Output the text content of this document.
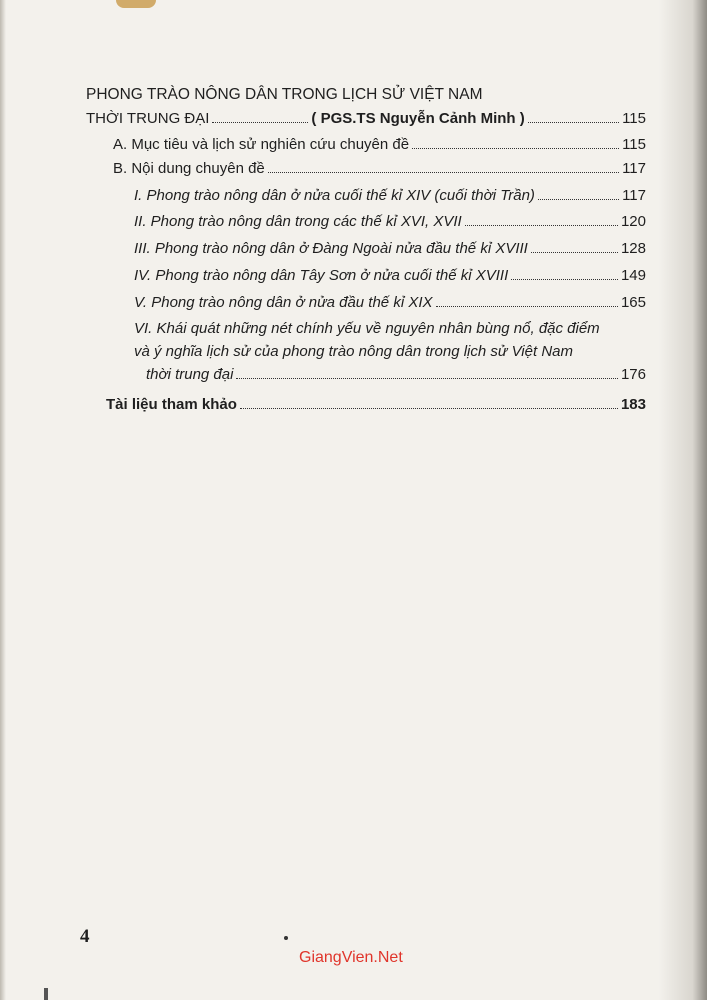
PHONG TRÀO NÔNG DÂN TRONG LỊCH SỬ VIỆT NAM
THỜI TRUNG ĐẠI	( PGS.TS Nguyễn Cảnh Minh )	115
A. Mục tiêu và lịch sử nghiên cứu chuyên đề	115
B. Nội dung chuyên đề	117
I. Phong trào nông dân ở nửa cuối thế kỉ XIV (cuối thời Trần)	117
II. Phong trào nông dân trong các thế kỉ XVI, XVII	120
III. Phong trào nông dân ở Đàng Ngoài nửa đầu thế kỉ XVIII	128
IV. Phong trào nông dân Tây Sơn ở nửa cuối thế kỉ XVIII	149
V. Phong trào nông dân ở nửa đầu thế kỉ XIX	165
VI. Khái quát những nét chính yếu về nguyên nhân bùng nổ, đặc điểm
và ý nghĩa lịch sử của phong trào nông dân trong lịch sử Việt Nam
thời trung đại	176
Tài liệu tham khảo	183
4
GiangVien.Net
